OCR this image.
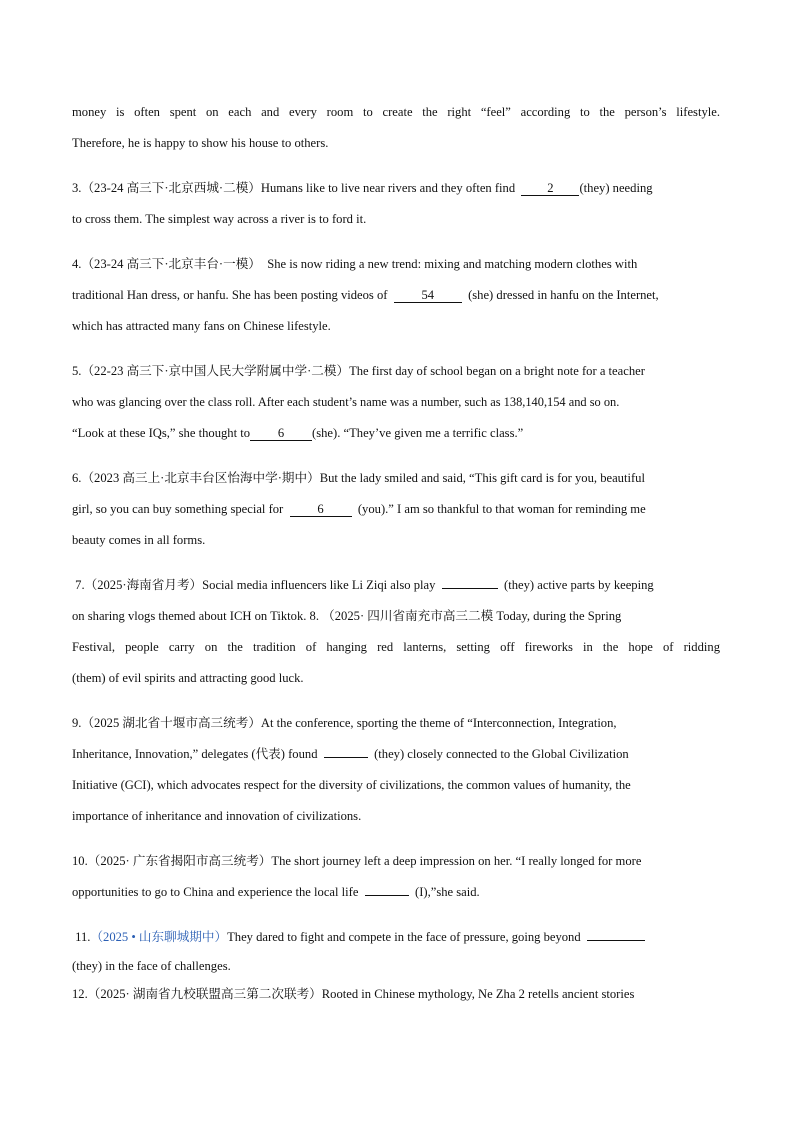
money is often spent on each and every room to create the right “feel” according to the person’s lifestyle.
Therefore, he is happy to show his house to others.
3.（23-24 高三下·北京西城·二模）Humans like to live near rivers and they often find	2 (they) needing
to cross them. The simplest way across a river is to ford it.
4.（23-24 高三下·北京丰台·一模） She is now riding a new trend: mixing and matching modern clothes with
traditional Han dress, or hanfu. She has been posting videos of	54	(she) dressed in hanfu on the Internet,
which has attracted many fans on Chinese lifestyle.
5.（22-23 高三下·京中国人民大学附属中学·二模）The first day of school began on a bright note for a teacher
who was glancing over the class roll. After each student’s name was a number, such as 138,140,154 and so on.
“Look at these IQs,” she thought to 6 (she). “They’ve given me a terrific class.”
6.（2023 高三上·北京丰台区怡海中学·期中）But the lady smiled and said, “This gift card is for you, beautiful
girl, so you can buy something special for	6	(you).” I am so thankful to that woman for reminding me
beauty comes in all forms.
7.（2025·海南省月考）Social media influencers like Li Ziqi also play	(they) active parts by keeping
on sharing vlogs themed about ICH on Tiktok. 8. （2025· 四川省南充市高三二模 Today, during the Spring
Festival, people carry on the tradition of hanging red lanterns, setting off fireworks in the hope of ridding
(them) of evil spirits and attracting good luck.
9.（2025 湖北省十堰市高三统考）At the conference, sporting the theme of “Interconnection, Integration,
Inheritance, Innovation,” delegates (代表) found	(they) closely connected to the Global Civilization
Initiative (GCI), which advocates respect for the diversity of civilizations, the common values of humanity, the
importance of inheritance and innovation of civilizations.
10.（2025· 广东省揭阳市高三统考）The short journey left a deep impression on her. “I really longed for more
opportunities to go to China and experience the local life	(I),”she said.
11.（2025 • 山东聊城期中）They dared to fight and compete in the face of pressure, going beyond
(they) in the face of challenges.
12.（2025· 湖南省九校联盟高三第二次联考）Rooted in Chinese mythology, Ne Zha 2 retells ancient stories
